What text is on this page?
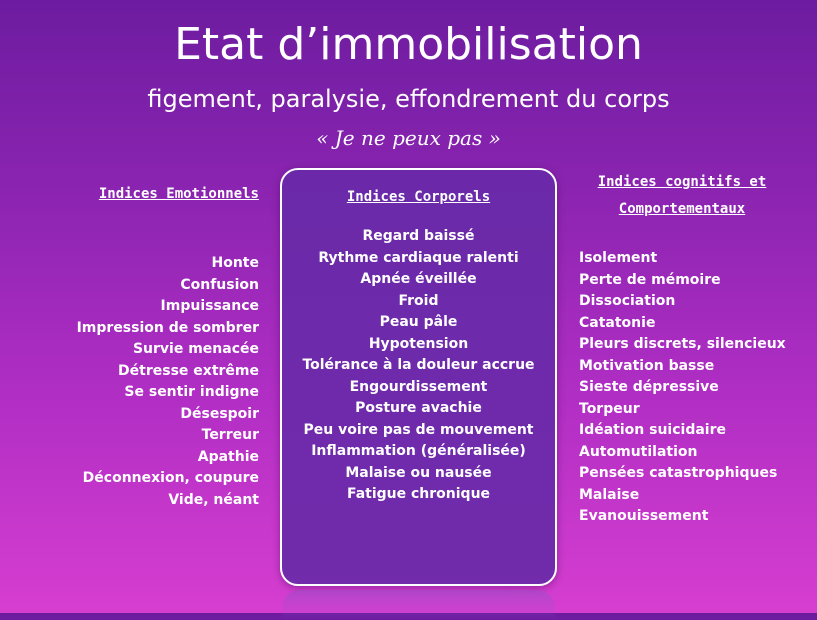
Etat d’immobilisation
figement, paralysie, effondrement du corps
« Je ne peux pas »
Indices Emotionnels
Honte
Confusion
Impuissance
Impression de sombrer
Survie menacée
Détresse extrême
Se sentir indigne
Désespoir
Terreur
Apathie
Déconnexion, coupure
Vide, néant
Indices Corporels
Regard baissé
Rythme cardiaque ralenti
Apnée éveillée
Froid
Peau pâle
Hypotension
Tolérance à la douleur accrue
Engourdissement
Posture avachie
Peu voire pas de mouvement
Inflammation (généralisée)
Malaise ou nausée
Fatigue chronique
Indices cognitifs et
Comportementaux
Isolement
Perte de mémoire
Dissociation
Catatonie
Pleurs discrets, silencieux
Motivation basse
Sieste dépressive
Torpeur
Idéation suicidaire
Automutilation
Pensées catastrophiques
Malaise
Evanouissement
